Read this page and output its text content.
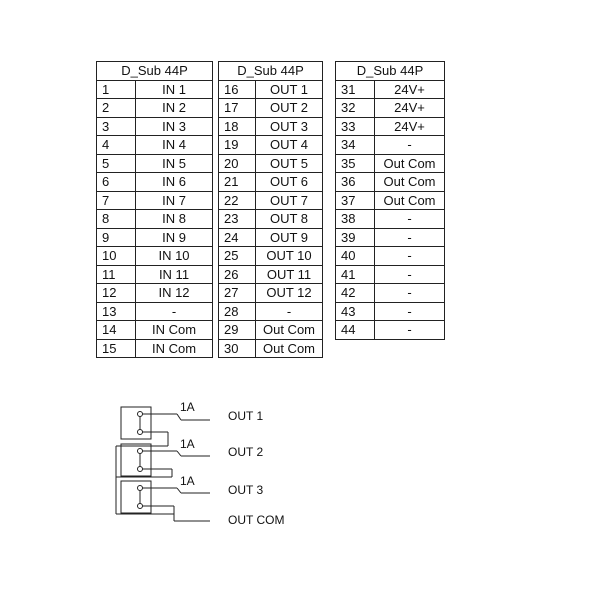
D_Sub 44P	
1	IN 1
2	IN 2
3	IN 3
4	IN 4
5	IN 5
6	IN 6
7	IN 7
8	IN 8
9	IN 9
10	IN 10
11	IN 11
12	IN 12
13	-
14	IN Com
15	IN Com
D_Sub 44P	
16	OUT 1
17	OUT 2
18	OUT 3
19	OUT 4
20	OUT 5
21	OUT 6
22	OUT 7
23	OUT 8
24	OUT 9
25	OUT 10
26	OUT 11
27	OUT 12
28	-
29	Out Com
30	Out Com
D_Sub 44P	
31	24V+
32	24V+
33	24V+
34	-
35	Out Com
36	Out Com
37	Out Com
38	-
39	-
40	-
41	-
42	-
43	-
44	-
1A
1A
1A
OUT 1
OUT 2
OUT 3
OUT COM
